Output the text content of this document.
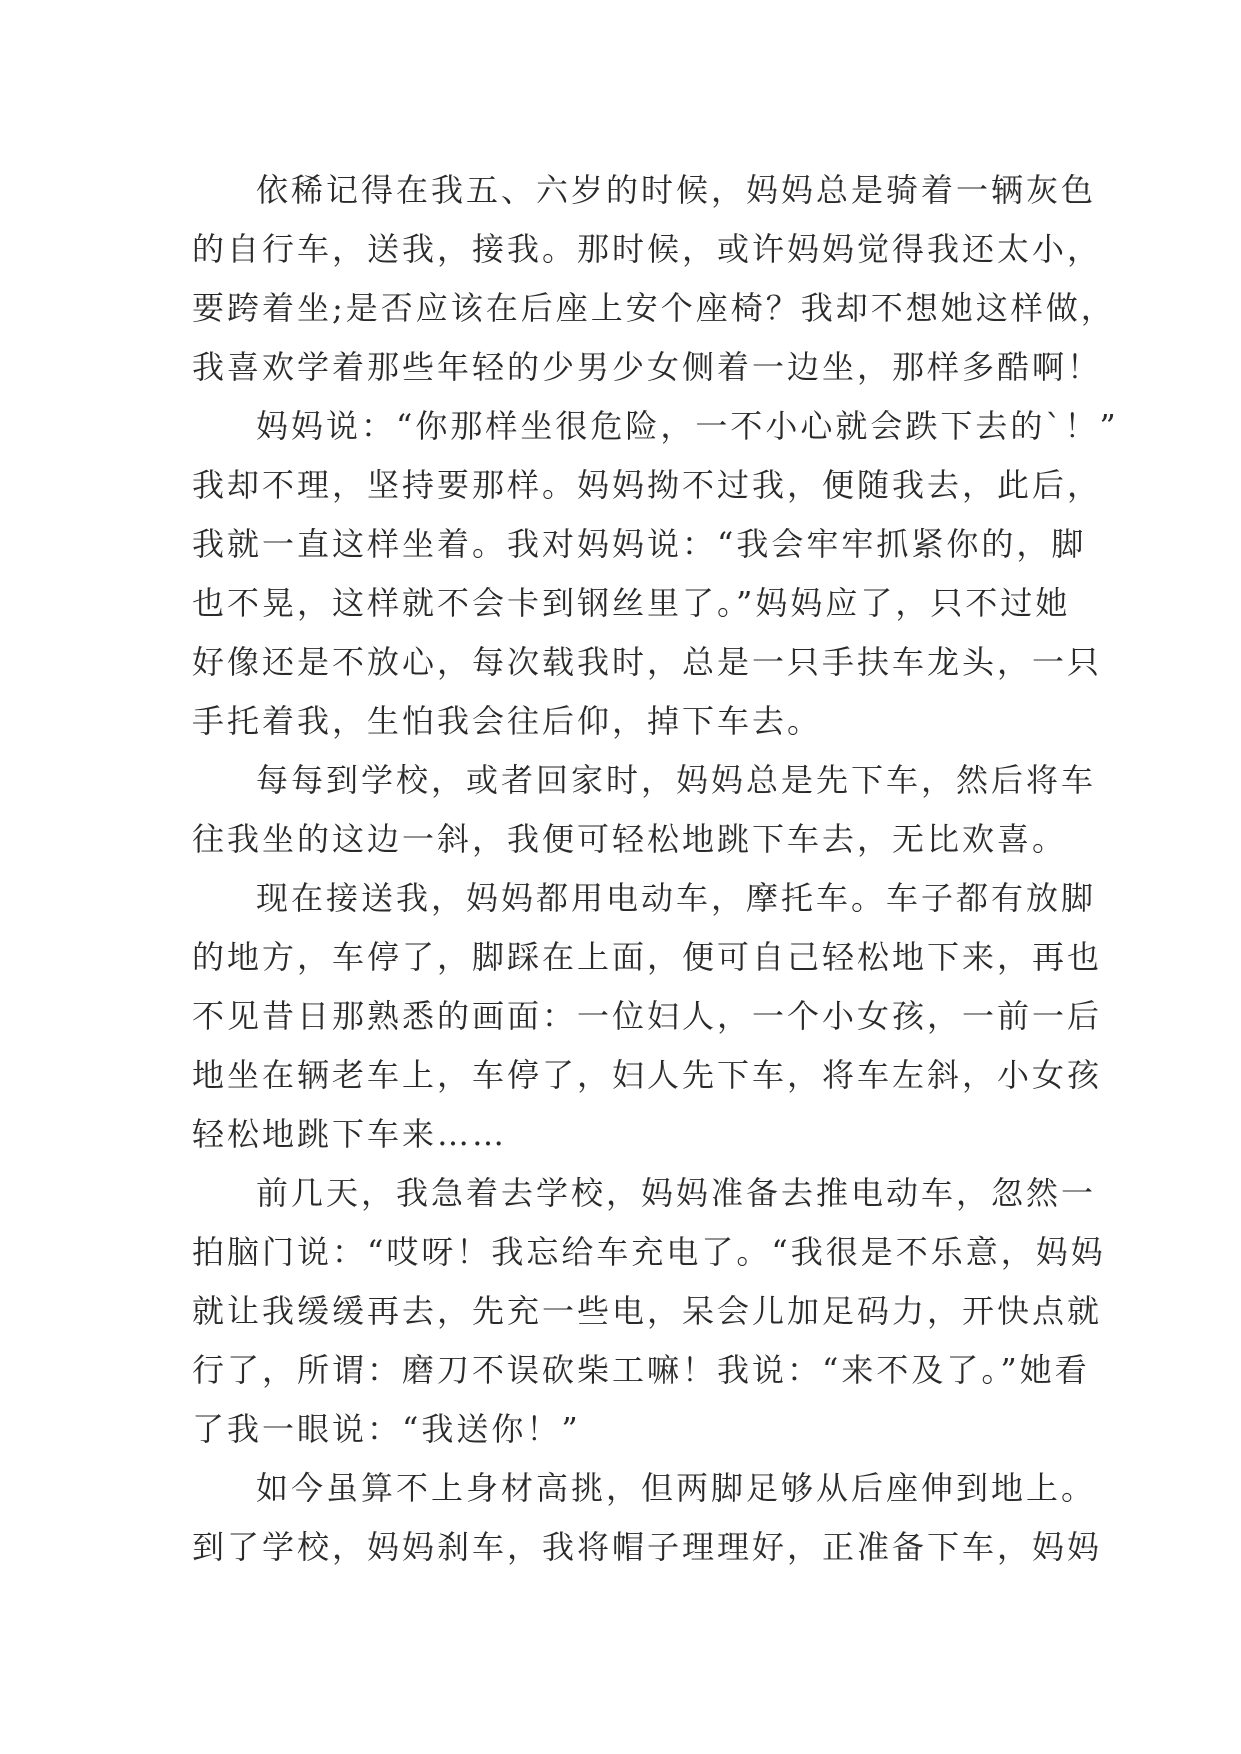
依稀记得在我五、六岁的时候，妈妈总是骑着一辆灰色
的自行车，送我，接我。那时候，或许妈妈觉得我还太小，
要跨着坐;是否应该在后座上安个座椅？我却不想她这样做，
我喜欢学着那些年轻的少男少女侧着一边坐，那样多酷啊！
妈妈说：“你那样坐很危险，一不小心就会跌下去的`！”
我却不理，坚持要那样。妈妈拗不过我，便随我去，此后，
我就一直这样坐着。我对妈妈说：“我会牢牢抓紧你的，脚
也不晃，这样就不会卡到钢丝里了。”妈妈应了，只不过她
好像还是不放心，每次载我时，总是一只手扶车龙头，一只
手托着我，生怕我会往后仰，掉下车去。
每每到学校，或者回家时，妈妈总是先下车，然后将车
往我坐的这边一斜，我便可轻松地跳下车去，无比欢喜。
现在接送我，妈妈都用电动车，摩托车。车子都有放脚
的地方，车停了，脚踩在上面，便可自己轻松地下来，再也
不见昔日那熟悉的画面：一位妇人，一个小女孩，一前一后
地坐在辆老车上，车停了，妇人先下车，将车左斜，小女孩
轻松地跳下车来……
前几天，我急着去学校，妈妈准备去推电动车，忽然一
拍脑门说：“哎呀！我忘给车充电了。“我很是不乐意，妈妈
就让我缓缓再去，先充一些电，呆会儿加足码力，开快点就
行了，所谓：磨刀不误砍柴工嘛！我说：“来不及了。”她看
了我一眼说：“我送你！”
如今虽算不上身材高挑，但两脚足够从后座伸到地上。
到了学校，妈妈刹车，我将帽子理理好，正准备下车，妈妈
